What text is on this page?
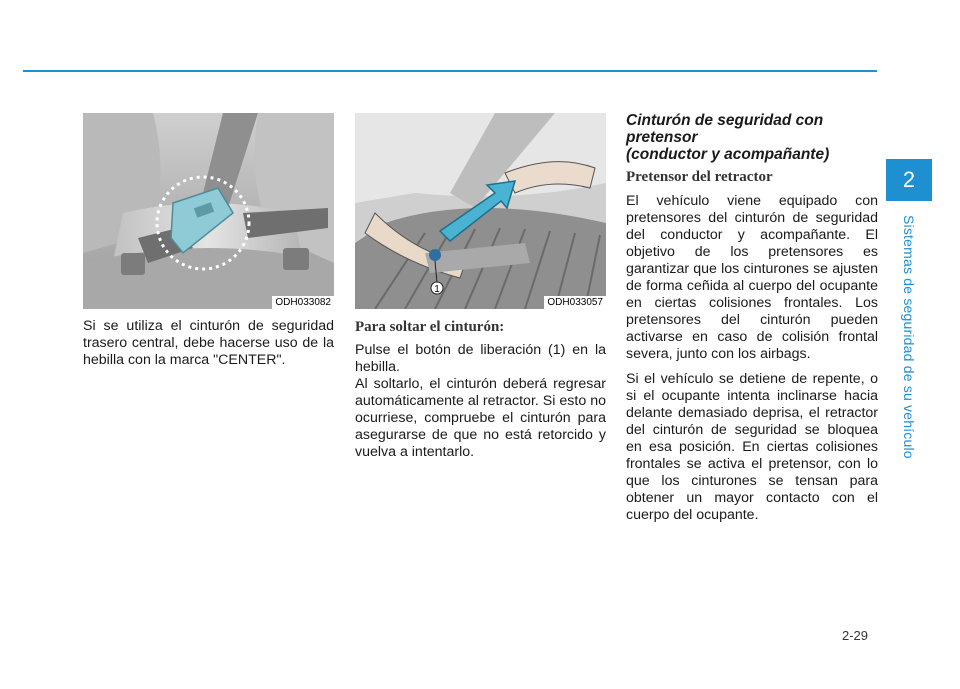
2
Sistemas de seguridad de su vehículo
ODH033082

Si se utiliza el cinturón de seguridad trasero central, debe hacerse uso de la hebilla con la marca "CENTER".

1
ODH033057

Para soltar el cinturón:

Pulse el botón de liberación (1) en la hebilla.

Al soltarlo, el cinturón deberá regresar automáticamente al retractor. Si esto no ocurriese, compruebe el cinturón para asegurarse de que no está retorcido y vuelva a intentarlo.

Cinturón de seguridad con
pretensor
(conductor y acompañante)

Pretensor del retractor

El vehículo viene equipado con pretensores del cinturón de seguridad del conductor y acompañante. El objetivo de los pretensores es garantizar que los cinturones se ajusten de forma ceñida al cuerpo del ocupante en ciertas colisiones frontales. Los pretensores del cinturón pueden activarse en caso de colisión frontal severa, junto con los airbags.

Si el vehículo se detiene de repente, o si el ocupante intenta inclinarse hacia delante demasiado deprisa, el retractor del cinturón de seguridad se bloquea en esa posición. En ciertas colisiones frontales se activa el pretensor, con lo que los cinturones se tensan para obtener un mayor contacto con el cuerpo del ocupante.

2-29
